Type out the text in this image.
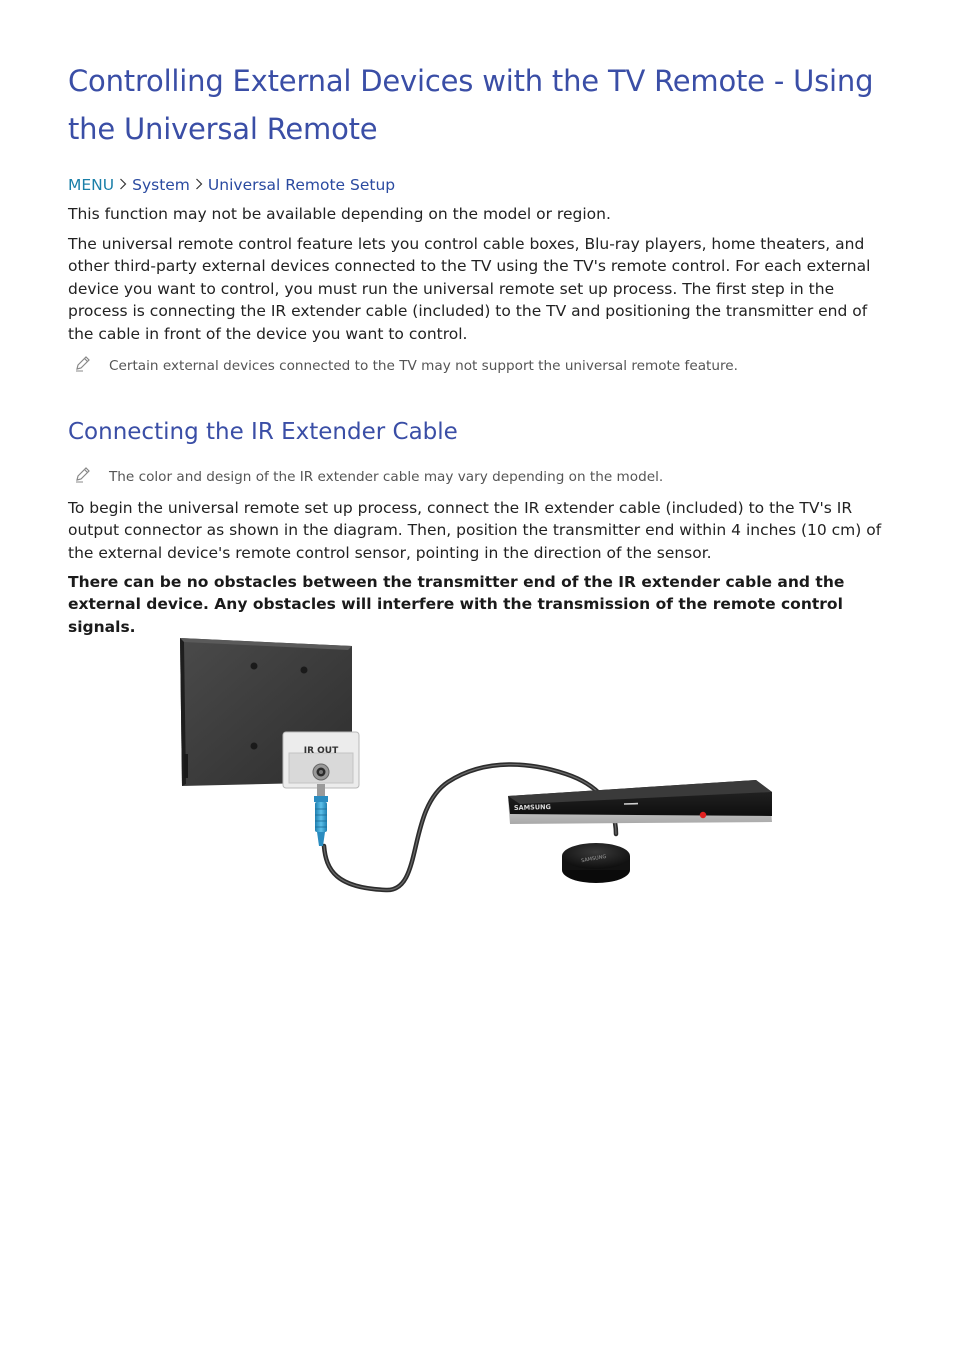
Controlling External Devices with the TV Remote - Using the Universal Remote
MENU System Universal Remote Setup

This function may not be available depending on the model or region.

The universal remote control feature lets you control cable boxes, Blu-ray players, home theaters, and other third-party external devices connected to the TV using the TV's remote control. For each external device you want to control, you must run the universal remote set up process. The first step in the process is connecting the IR extender cable (included) to the TV and positioning the transmitter end of the cable in front of the device you want to control.

Certain external devices connected to the TV may not support the universal remote feature.
Connecting the IR Extender Cable
The color and design of the IR extender cable may vary depending on the model.

To begin the universal remote set up process, connect the IR extender cable (included) to the TV's IR output connector as shown in the diagram. Then, position the transmitter end within 4 inches (10 cm) of the external device's remote control sensor, pointing in the direction of the sensor.

There can be no obstacles between the transmitter end of the IR extender cable and the external device. Any obstacles will interfere with the transmission of the remote control signals.

IR OUT
SAMSUNG
SAMSUNG
